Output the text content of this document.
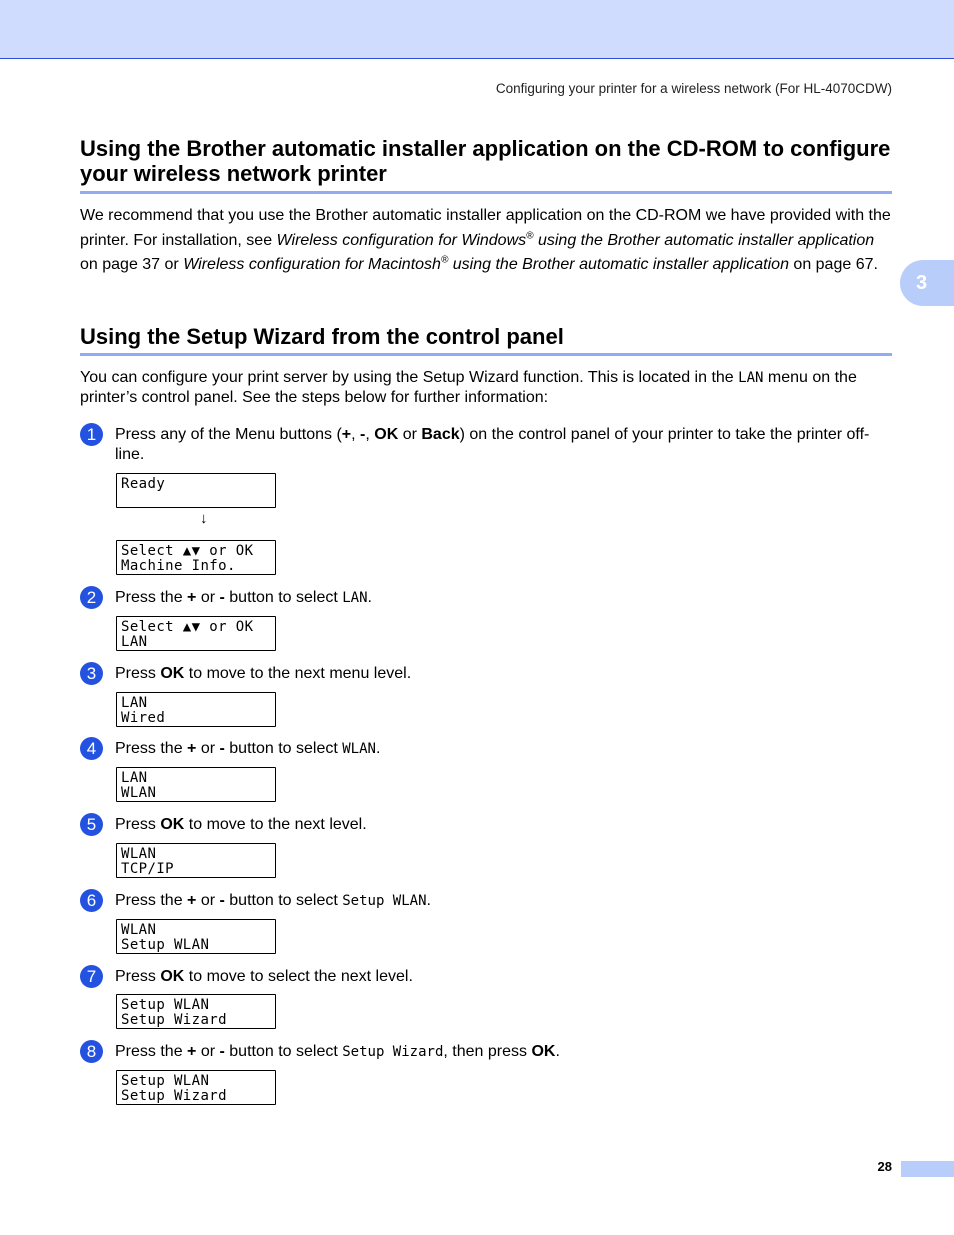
Configuring your printer for a wireless network (For HL-4070CDW)
3
Using the Brother automatic installer application on the CD-ROM to configure your wireless network printer

We recommend that you use the Brother automatic installer application on the CD-ROM we have provided with the printer. For installation, see Wireless configuration for Windows® using the Brother automatic installer application on page 37 or Wireless configuration for Macintosh® using the Brother automatic installer application on page 67.

Using the Setup Wizard from the control panel

You can configure your print server by using the Setup Wizard function. This is located in the LAN menu on the printer’s control panel. See the steps below for further information:

1	Press any of the Menu buttons (+, -, OK or Back) on the control panel of your printer to take the printer off-line.
Ready
Select ▲▼ or OK
Machine Info.
2	Press the + or - button to select LAN.
Select ▲▼ or OK
LAN
3	Press OK to move to the next menu level.
LAN
Wired
4	Press the + or - button to select WLAN.
LAN
WLAN
5	Press OK to move to the next level.
WLAN
TCP/IP
6	Press the + or - button to select Setup WLAN.
WLAN
Setup WLAN
7	Press OK to move to select the next level.
Setup WLAN
Setup Wizard
8	Press the + or - button to select Setup Wizard, then press OK.
Setup WLAN
Setup Wizard
↓
28
